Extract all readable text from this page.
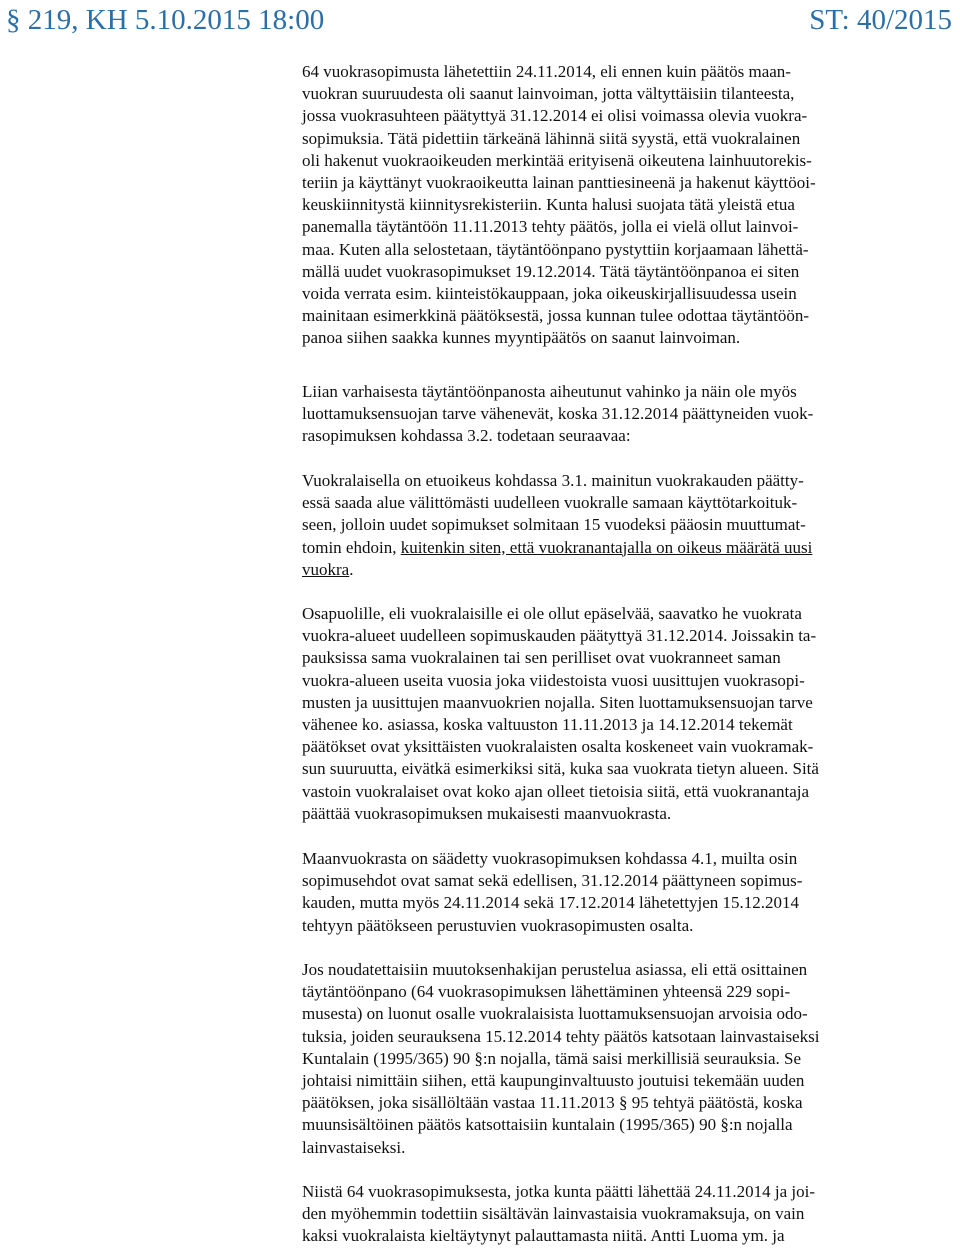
§ 219, KH 5.10.2015 18:00	ST: 40/2015
64 vuokrasopimusta lähetettiin 24.11.2014, eli ennen kuin päätös maan-
vuokran suuruudesta oli saanut lainvoiman, jotta vältyttäisiin tilanteesta,
jossa vuokrasuhteen päätyttyä 31.12.2014 ei olisi voimassa olevia vuokra-
sopimuksia. Tätä pidettiin tärkeänä lähinnä siitä syystä, että vuokralainen
oli hakenut vuokraoikeuden merkintää erityisenä oikeutena lainhuutorekis-
teriin ja käyttänyt vuokraoikeutta lainan panttiesineenä ja hakenut käyttöoi-
keuskiinnitystä kiinnitysrekisteriin. Kunta halusi suojata tätä yleistä etua
panemalla täytäntöön 11.11.2013 tehty päätös, jolla ei vielä ollut lainvoi-
maa. Kuten alla selostetaan, täytäntöönpano pystyttiin korjaamaan lähettä-
mällä uudet vuokrasopimukset 19.12.2014. Tätä täytäntöönpanoa ei siten
voida verrata esim. kiinteistökauppaan, joka oikeuskirjallisuudessa usein
mainitaan esimerkkinä päätöksestä, jossa kunnan tulee odottaa täytäntöön-
panoa siihen saakka kunnes myyntipäätös on saanut lainvoiman.
Liian varhaisesta täytäntöönpanosta aiheutunut vahinko ja näin ole myös
luottamuksensuojan tarve vähenevät, koska 31.12.2014 päättyneiden vuok-
rasopimuksen kohdassa 3.2. todetaan seuraavaa:
Vuokralaisella on etuoikeus kohdassa 3.1. mainitun vuokrakauden päätty-
essä saada alue välittömästi uudelleen vuokralle samaan käyttötarkoituk-
seen, jolloin uudet sopimukset solmitaan 15 vuodeksi pääosin muuttumat-
tomin ehdoin, kuitenkin siten, että vuokranantajalla on oikeus määrätä uusi
vuokra.
Osapuolille, eli vuokralaisille ei ole ollut epäselvää, saavatko he vuokrata
vuokra-alueet uudelleen sopimuskauden päätyttyä 31.12.2014. Joissakin ta-
pauksissa sama vuokralainen tai sen perilliset ovat vuokranneet saman
vuokra-alueen useita vuosia joka viidestoista vuosi uusittujen vuokrasopi-
musten ja uusittujen maanvuokrien nojalla. Siten luottamuksensuojan tarve
vähenee ko. asiassa, koska valtuuston 11.11.2013 ja 14.12.2014 tekemät
päätökset ovat yksittäisten vuokralaisten osalta koskeneet vain vuokramak-
sun suuruutta, eivätkä esimerkiksi sitä, kuka saa vuokrata tietyn alueen. Sitä
vastoin vuokralaiset ovat koko ajan olleet tietoisia siitä, että vuokranantaja
päättää vuokrasopimuksen mukaisesti maanvuokrasta.
Maanvuokrasta on säädetty vuokrasopimuksen kohdassa 4.1, muilta osin
sopimusehdot ovat samat sekä edellisen, 31.12.2014 päättyneen sopimus-
kauden, mutta myös 24.11.2014 sekä 17.12.2014 lähetettyjen 15.12.2014
tehtyyn päätökseen perustuvien vuokrasopimusten osalta.
Jos noudatettaisiin muutoksenhakijan perustelua asiassa, eli että osittainen
täytäntöönpano (64 vuokrasopimuksen lähettäminen yhteensä 229 sopi-
musesta) on luonut osalle vuokralaisista luottamuksensuojan arvoisia odo-
tuksia, joiden seurauksena 15.12.2014 tehty päätös katsotaan lainvastaiseksi
Kuntalain (1995/365) 90 §:n nojalla, tämä saisi merkillisiä seurauksia. Se
johtaisi nimittäin siihen, että kaupunginvaltuusto joutuisi tekemään uuden
päätöksen, joka sisällöltään vastaa 11.11.2013 § 95 tehtyä päätöstä, koska
muunsisältöinen päätös katsottaisiin kuntalain (1995/365) 90 §:n nojalla
lainvastaiseksi.
Niistä 64 vuokrasopimuksesta, jotka kunta päätti lähettää 24.11.2014 ja joi-
den myöhemmin todettiin sisältävän lainvastaisia vuokramaksuja, on vain
kaksi vuokralaista kieltäytynyt palauttamasta niitä. Antti Luoma ym. ja
